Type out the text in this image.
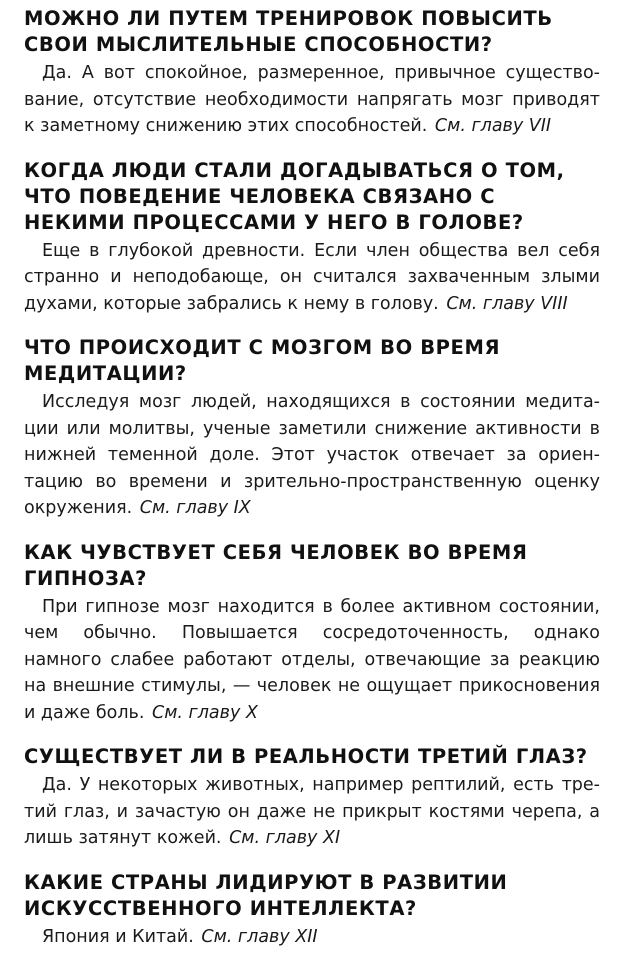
МОЖНО ЛИ ПУТЕМ ТРЕНИРОВОК ПОВЫСИТЬ СВОИ МЫСЛИТЕЛЬНЫЕ СПОСОБНОСТИ?

Да. А вот спокойное, размеренное, привычное существование, отсутствие необходимости напрягать мозг приводят к заметному снижению этих способностей. См. главу VII

КОГДА ЛЮДИ СТАЛИ ДОГАДЫВАТЬСЯ О ТОМ, ЧТО ПОВЕДЕНИЕ ЧЕЛОВЕКА СВЯЗАНО С НЕКИМИ ПРОЦЕССАМИ У НЕГО В ГОЛОВЕ?

Еще в глубокой древности. Если член общества вел себя странно и неподобающе, он считался захваченным злыми духами, которые забрались к нему в голову. См. главу VIII

ЧТО ПРОИСХОДИТ С МОЗГОМ ВО ВРЕМЯ МЕДИТАЦИИ?

Исследуя мозг людей, находящихся в состоянии медитации или молитвы, ученые заметили снижение активности в нижней теменной доле. Этот участок отвечает за ориентацию во времени и зрительно-пространственную оценку окружения. См. главу IX

КАК ЧУВСТВУЕТ СЕБЯ ЧЕЛОВЕК ВО ВРЕМЯ ГИПНОЗА?

При гипнозе мозг находится в более активном состоянии, чем обычно. Повышается сосредоточенность, однако намного слабее работают отделы, отвечающие за реакцию на внешние стимулы, — человек не ощущает прикосновения и даже боль. См. главу X

СУЩЕСТВУЕТ ЛИ В РЕАЛЬНОСТИ ТРЕТИЙ ГЛАЗ?

Да. У некоторых животных, например рептилий, есть третий глаз, и зачастую он даже не прикрыт костями черепа, а лишь затянут кожей. См. главу XI

КАКИЕ СТРАНЫ ЛИДИРУЮТ В РАЗВИТИИ ИСКУССТВЕННОГО ИНТЕЛЛЕКТА?

Япония и Китай. См. главу XII
